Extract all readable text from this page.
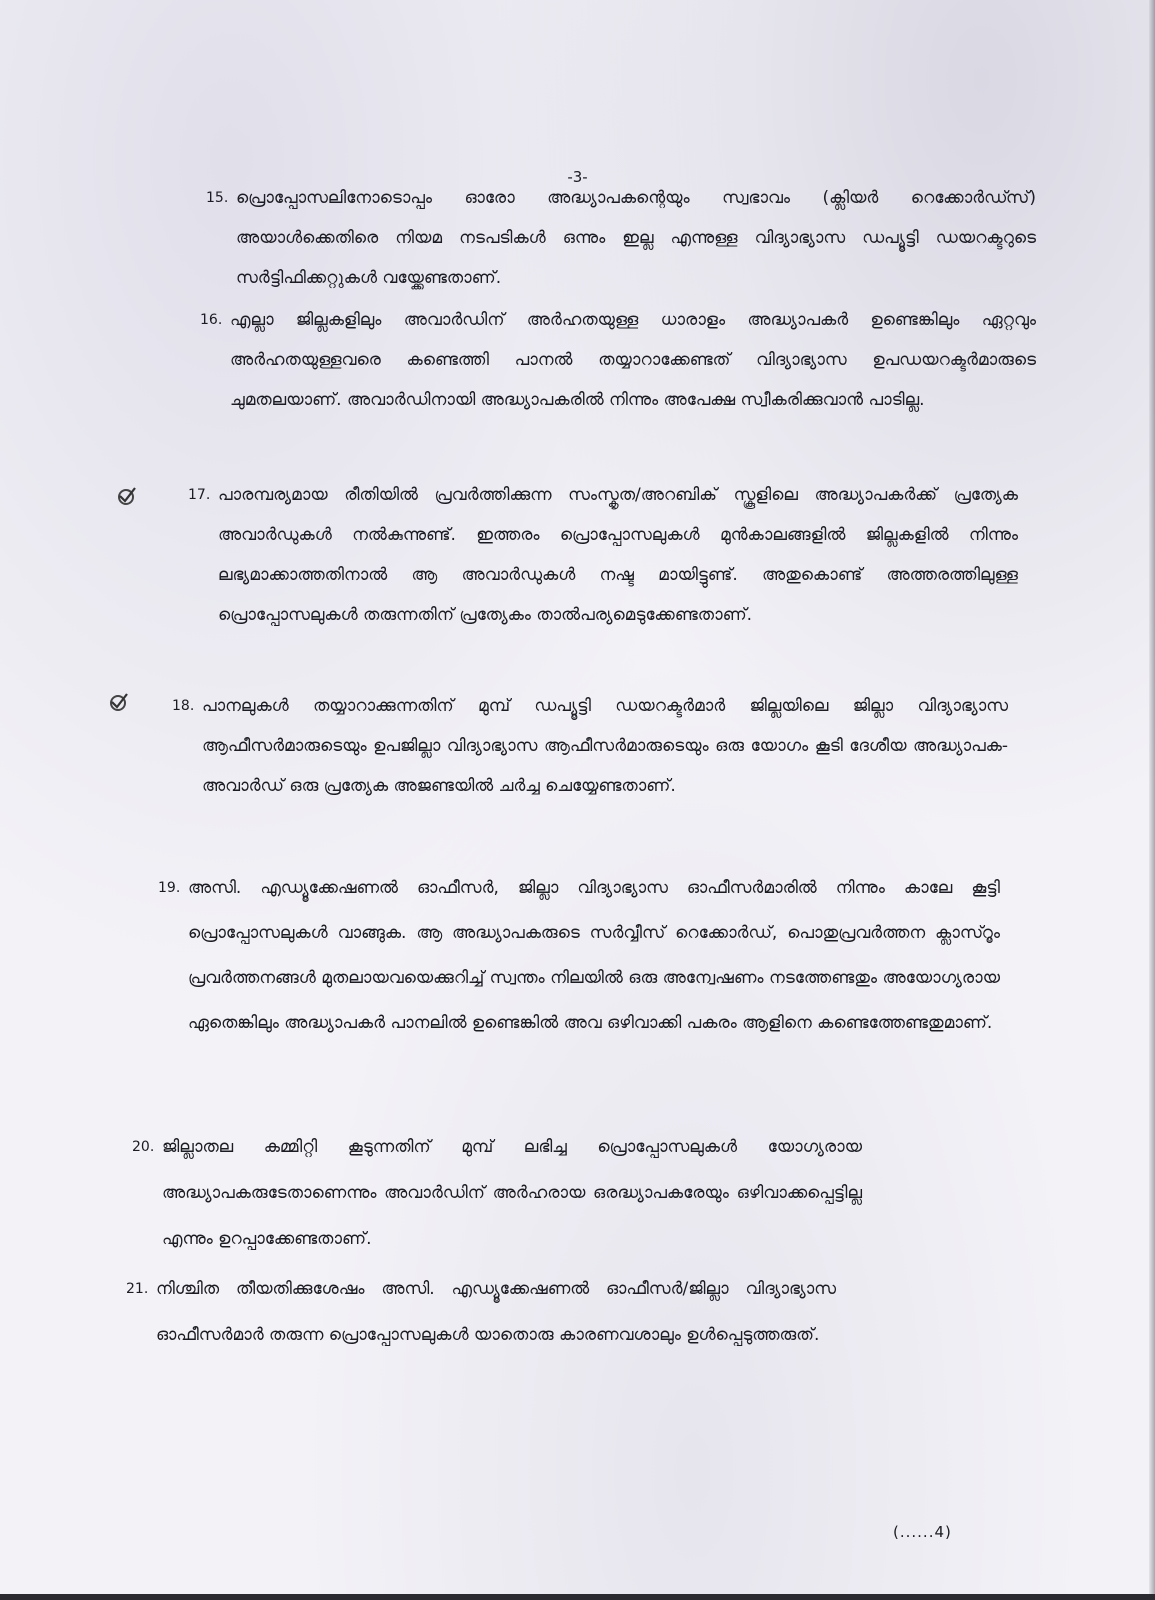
-3-
15. പ്രൊപ്പോസലിനോടൊപ്പം ഓരോ അദ്ധ്യാപകന്റെയും സ്വഭാവം (ക്ലിയർ റെക്കോർഡ്സ്) അയാൾക്കെതിരെ നിയമ നടപടികൾ ഒന്നും ഇല്ല എന്നുള്ള വിദ്യാഭ്യാസ ഡപ്യൂട്ടി ഡയറക്ടറുടെ സർട്ടിഫിക്കറ്റുകൾ വയ്ക്കേണ്ടതാണ്.
16. എല്ലാ ജില്ലകളിലും അവാർഡിന് അർഹതയുള്ള ധാരാളം അദ്ധ്യാപകർ ഉണ്ടെങ്കിലും ഏറ്റവും അർഹതയുള്ളവരെ കണ്ടെത്തി പാനൽ തയ്യാറാക്കേണ്ടത് വിദ്യാഭ്യാസ ഉപഡയറക്ടർമാരുടെ ചുമതലയാണ്. അവാർഡിനായി അദ്ധ്യാപകരിൽ നിന്നും അപേക്ഷ സ്വീകരിക്കുവാൻ പാടില്ല.
17. പാരമ്പര്യമായ രീതിയിൽ പ്രവർത്തിക്കുന്ന സംസ്കൃത/അറബിക് സ്കൂളിലെ അദ്ധ്യാപകർക്ക് പ്രത്യേക അവാർഡുകൾ നൽകുന്നുണ്ട്. ഇത്തരം പ്രൊപ്പോസലുകൾ മുൻകാലങ്ങളിൽ ജില്ലകളിൽ നിന്നും ലഭ്യമാക്കാത്തതിനാൽ ആ അവാർഡുകൾ നഷ്ട മായിട്ടുണ്ട്. അതുകൊണ്ട് അത്തരത്തിലുള്ള പ്രൊപ്പോസലുകൾ തരുന്നതിന് പ്രത്യേകം താൽപര്യമെടുക്കേണ്ടതാണ്.
18. പാനലുകൾ തയ്യാറാക്കുന്നതിന് മുമ്പ് ഡപ്യൂട്ടി ഡയറക്ടർമാർ ജില്ലയിലെ ജില്ലാ വിദ്യാഭ്യാസ ആഫീസർമാരുടെയും ഉപജില്ലാ വിദ്യാഭ്യാസ ആഫീസർമാരുടെയും ഒരു യോഗം കൂടി ദേശീയ അദ്ധ്യാപക-അവാർഡ് ഒരു പ്രത്യേക അജണ്ടയിൽ ചർച്ച ചെയ്യേണ്ടതാണ്.
19. അസി. എഡ്യൂക്കേഷണൽ ഓഫീസർ, ജില്ലാ വിദ്യാഭ്യാസ ഓഫീസർമാരിൽ നിന്നും കാലേ കൂട്ടി പ്രൊപ്പോസലുകൾ വാങ്ങുക. ആ അദ്ധ്യാപകരുടെ സർവ്വീസ് റെക്കോർഡ്, പൊതുപ്രവർത്തന ക്ലാസ്റൂം പ്രവർത്തനങ്ങൾ മുതലായവയെക്കുറിച്ച് സ്വന്തം നിലയിൽ ഒരു അന്വേഷണം നടത്തേണ്ടതും അയോഗ്യരായ ഏതെങ്കിലും അദ്ധ്യാപകർ പാനലിൽ ഉണ്ടെങ്കിൽ അവ ഒഴിവാക്കി പകരം ആളിനെ കണ്ടെത്തേണ്ടതുമാണ്.
20. ജില്ലാതല കമ്മിറ്റി കൂടുന്നതിന് മുമ്പ് ലഭിച്ച പ്രൊപ്പോസലുകൾ യോഗ്യരായ അദ്ധ്യാപകരുടേതാണെന്നും അവാർഡിന് അർഹരായ ഒരദ്ധ്യാപകരേയും ഒഴിവാക്കപ്പെട്ടില്ല എന്നും ഉറപ്പാക്കേണ്ടതാണ്.
21. നിശ്ചിത തീയതിക്കുശേഷം അസി. എഡ്യൂക്കേഷണൽ ഓഫീസർ/ജില്ലാ വിദ്യാഭ്യാസ ഓഫീസർമാർ തരുന്ന പ്രൊപ്പോസലുകൾ യാതൊരു കാരണവശാലും ഉൾപ്പെടുത്തരുത്.
(......4)
